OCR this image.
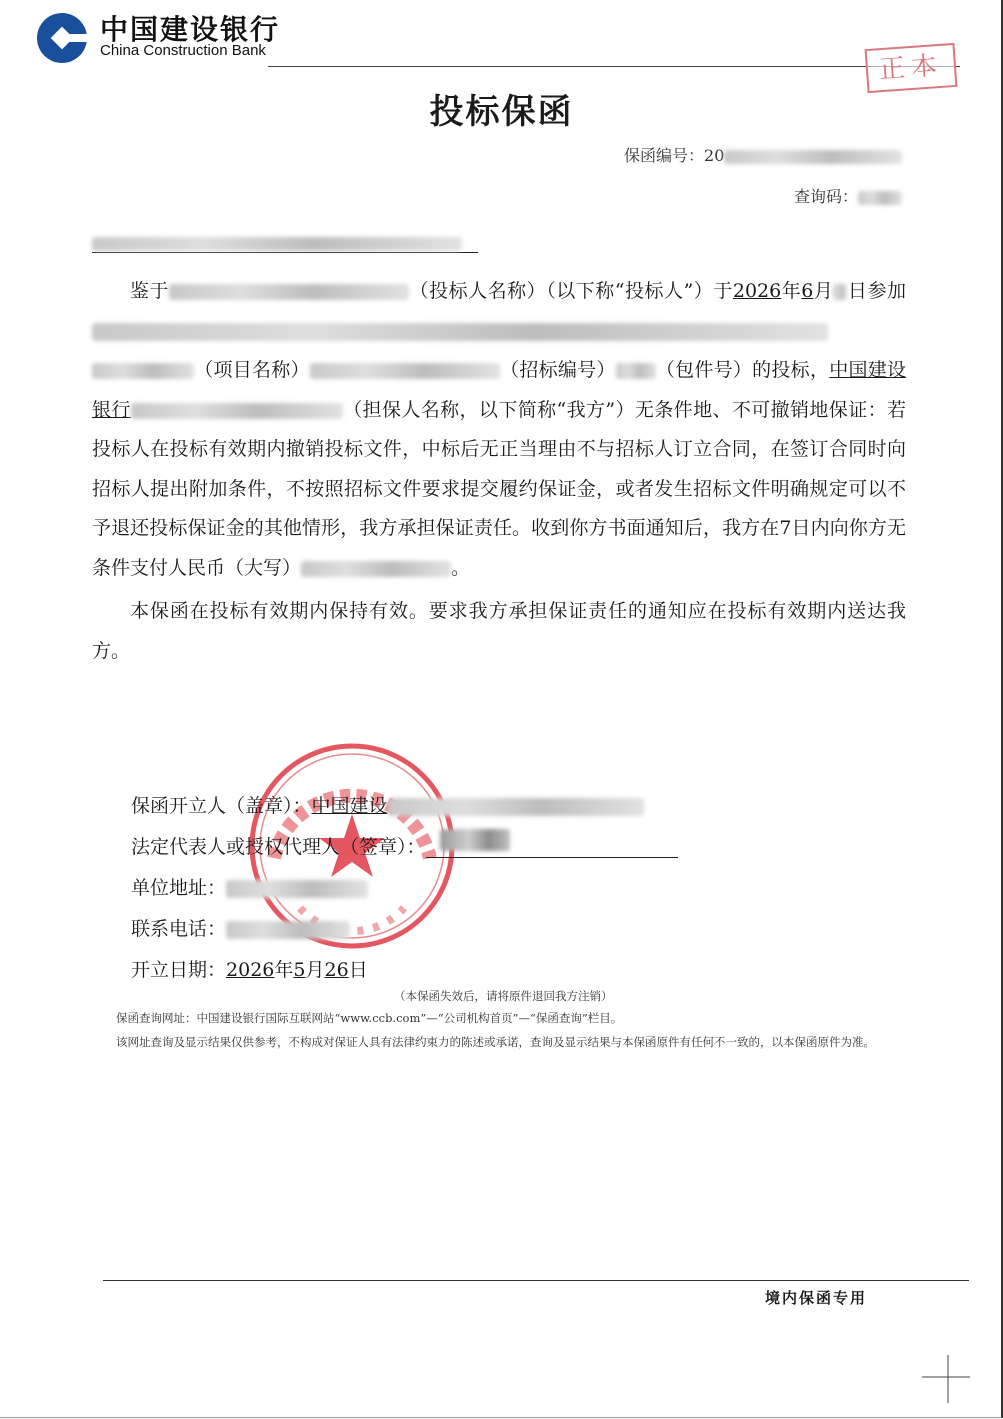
中国建设银行
China Construction Bank
正本
投标保函
保函编号：20
查询码：

鉴于	（投标人名称）（以下称“投标人”）于2026年6月 日参加（项目名称）	（招标编号） （包件号）的投标，中国建设银行	（担保人名称，以下简称“我方”）无条件地、不可撤销地保证：若投标人在投标有效期内撤销投标文件，中标后无正当理由不与招标人订立合同，在签订合同时向招标人提出附加条件，不按照招标文件要求提交履约保证金，或者发生招标文件明确规定可以不予退还投标保证金的其他情形，我方承担保证责任。收到你方书面通知后，我方在7日内向你方无条件支付人民币（大写）	。

本保函在投标有效期内保持有效。要求我方承担保证责任的通知应在投标有效期内送达我方。

保函开立人（盖章）： 中国建设
法定代表人或授权代理人（签章）：
单位地址：
联系电话：
开立日期： 2026 年 5 月 26 日
（本保函失效后，请将原件退回我方注销）
保函查询网址：中国建设银行国际互联网站“www.ccb.com”—“公司机构首页”—“保函查询”栏目。
该网址查询及显示结果仅供参考，不构成对保证人具有法律约束力的陈述或承诺，查询及显示结果与本保函原件有任何不一致的，以本保函原件为准。
境内保函专用
